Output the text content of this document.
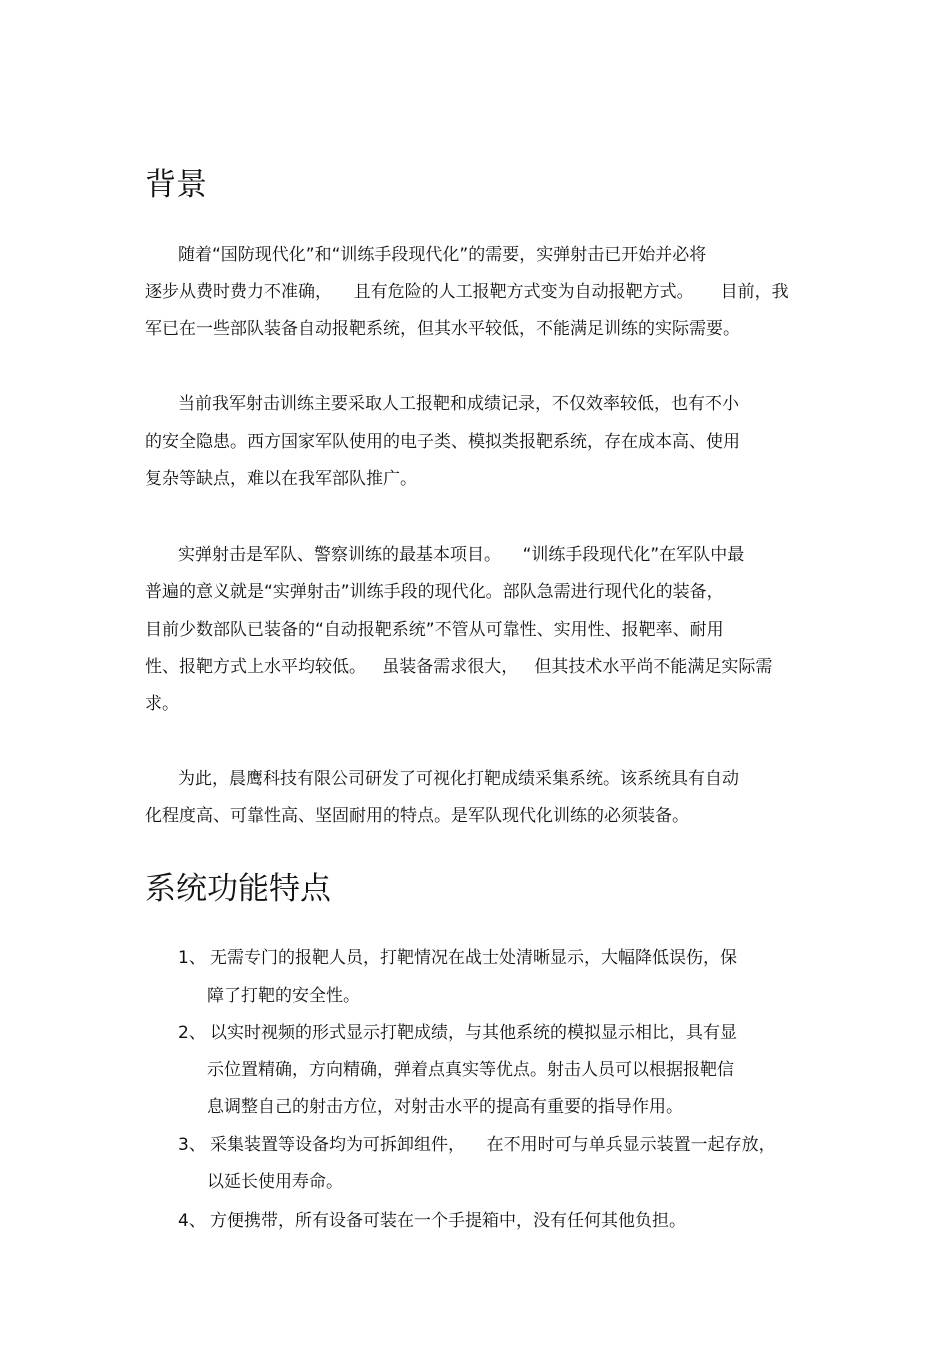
背景
随着“国防现代化”和“训练手段现代化”的需要，实弹射击已开始并必将
逐步从费时费力不准确，    且有危险的人工报靶方式变为自动报靶方式。     目前，我
军已在一些部队装备自动报靶系统，但其水平较低，不能满足训练的实际需要。
当前我军射击训练主要采取人工报靶和成绩记录，不仅效率较低，也有不小
的安全隐患。西方国家军队使用的电子类、模拟类报靶系统，存在成本高、使用
复杂等缺点，难以在我军部队推广。
实弹射击是军队、警察训练的最基本项目。    “训练手段现代化”在军队中最
普遍的意义就是“实弹射击”训练手段的现代化。部队急需进行现代化的装备，
目前少数部队已装备的“自动报靶系统”不管从可靠性、实用性、报靶率、耐用
性、报靶方式上水平均较低。   虽装备需求很大，   但其技术水平尚不能满足实际需
求。
为此，晨鹰科技有限公司研发了可视化打靶成绩采集系统。该系统具有自动
化程度高、可靠性高、坚固耐用的特点。是军队现代化训练的必须装备。
系统功能特点
1、 无需专门的报靶人员，打靶情况在战士处清晰显示，大幅降低误伤，保
障了打靶的安全性。
2、 以实时视频的形式显示打靶成绩，与其他系统的模拟显示相比，具有显
示位置精确，方向精确，弹着点真实等优点。射击人员可以根据报靶信
息调整自己的射击方位，对射击水平的提高有重要的指导作用。
3、 采集装置等设备均为可拆卸组件，    在不用时可与单兵显示装置一起存放，
以延长使用寿命。
4、 方便携带，所有设备可装在一个手提箱中，没有任何其他负担。
